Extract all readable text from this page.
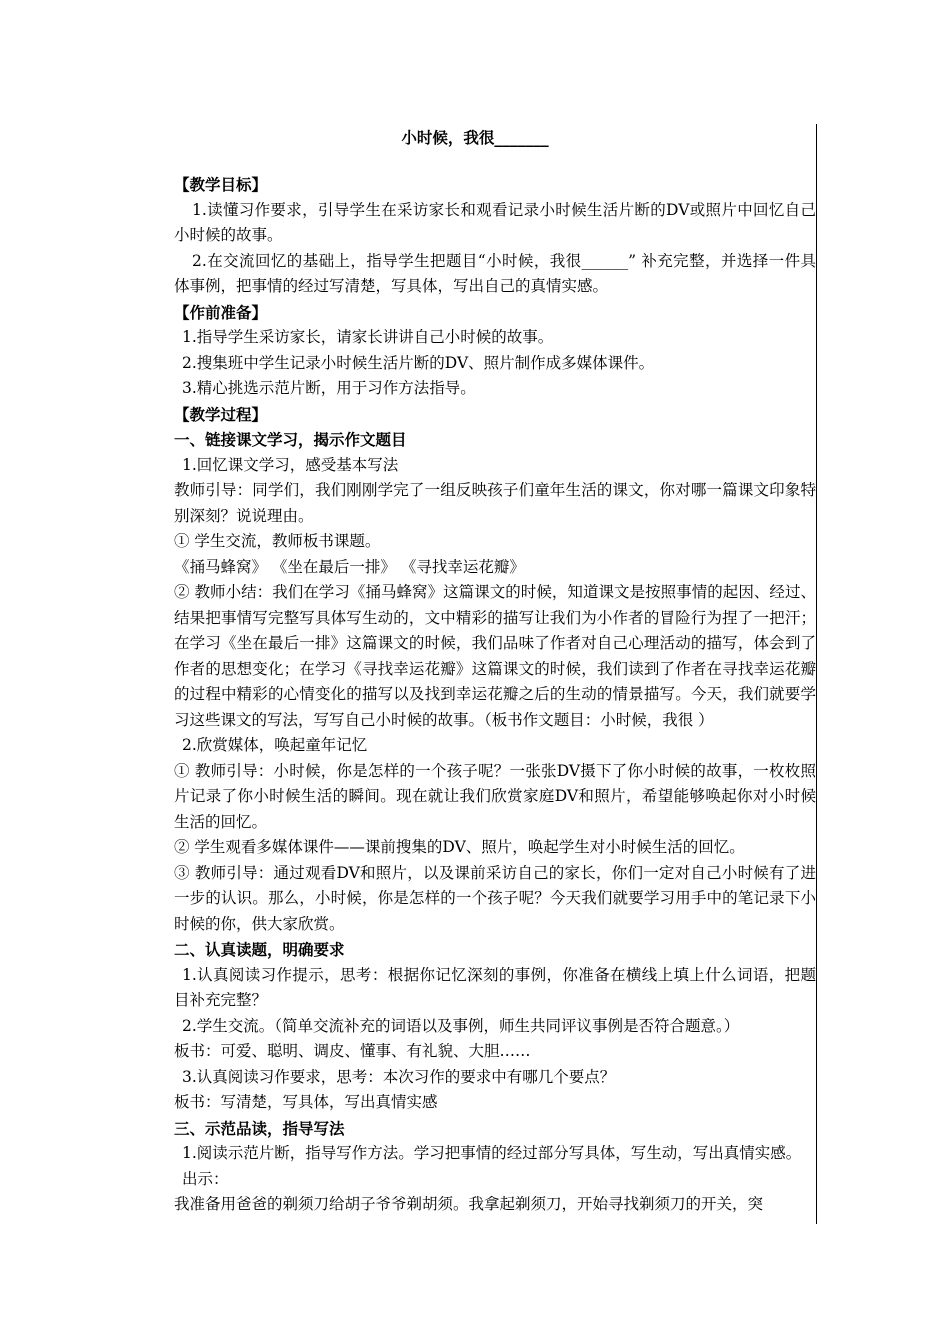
小时候，我很_______

【教学目标】

1.读懂习作要求，引导学生在采访家长和观看记录小时候生活片断的DV或照片中回忆自己小时候的故事。

2.在交流回忆的基础上，指导学生把题目“小时候，我很______” 补充完整，并选择一件具体事例，把事情的经过写清楚，写具体，写出自己的真情实感。

【作前准备】

1.指导学生采访家长，请家长讲讲自己小时候的故事。

2.搜集班中学生记录小时候生活片断的DV、照片制作成多媒体课件。

3.精心挑选示范片断，用于习作方法指导。

【教学过程】

一、链接课文学习，揭示作文题目

1.回忆课文学习，感受基本写法

教师引导：同学们，我们刚刚学完了一组反映孩子们童年生活的课文，你对哪一篇课文印象特别深刻？说说理由。

① 学生交流，教师板书课题。

《捅马蜂窝》 《坐在最后一排》 《寻找幸运花瓣》

② 教师小结：我们在学习《捅马蜂窝》这篇课文的时候，知道课文是按照事情的起因、经过、结果把事情写完整写具体写生动的，文中精彩的描写让我们为小作者的冒险行为捏了一把汗；在学习《坐在最后一排》这篇课文的时候，我们品味了作者对自己心理活动的描写，体会到了作者的思想变化；在学习《寻找幸运花瓣》这篇课文的时候，我们读到了作者在寻找幸运花瓣的过程中精彩的心情变化的描写以及找到幸运花瓣之后的生动的情景描写。今天，我们就要学习这些课文的写法，写写自己小时候的故事。（板书作文题目：小时候，我很 ）

2.欣赏媒体，唤起童年记忆

① 教师引导：小时候，你是怎样的一个孩子呢？一张张DV摄下了你小时候的故事，一枚枚照片记录了你小时候生活的瞬间。现在就让我们欣赏家庭DV和照片，希望能够唤起你对小时候生活的回忆。

② 学生观看多媒体课件——课前搜集的DV、照片，唤起学生对小时候生活的回忆。

③ 教师引导：通过观看DV和照片，以及课前采访自己的家长，你们一定对自己小时候有了进一步的认识。那么，小时候，你是怎样的一个孩子呢？今天我们就要学习用手中的笔记录下小时候的你，供大家欣赏。

二、认真读题，明确要求

1.认真阅读习作提示，思考：根据你记忆深刻的事例，你准备在横线上填上什么词语，把题目补充完整？

2.学生交流。（简单交流补充的词语以及事例，师生共同评议事例是否符合题意。）

板书：可爱、聪明、调皮、懂事、有礼貌、大胆……

3.认真阅读习作要求，思考：本次习作的要求中有哪几个要点？

板书：写清楚，写具体，写出真情实感

三、示范品读，指导写法

1.阅读示范片断，指导写作方法。学习把事情的经过部分写具体，写生动，写出真情实感。

出示：

我准备用爸爸的剃须刀给胡子爷爷剃胡须。我拿起剃须刀，开始寻找剃须刀的开关，突
